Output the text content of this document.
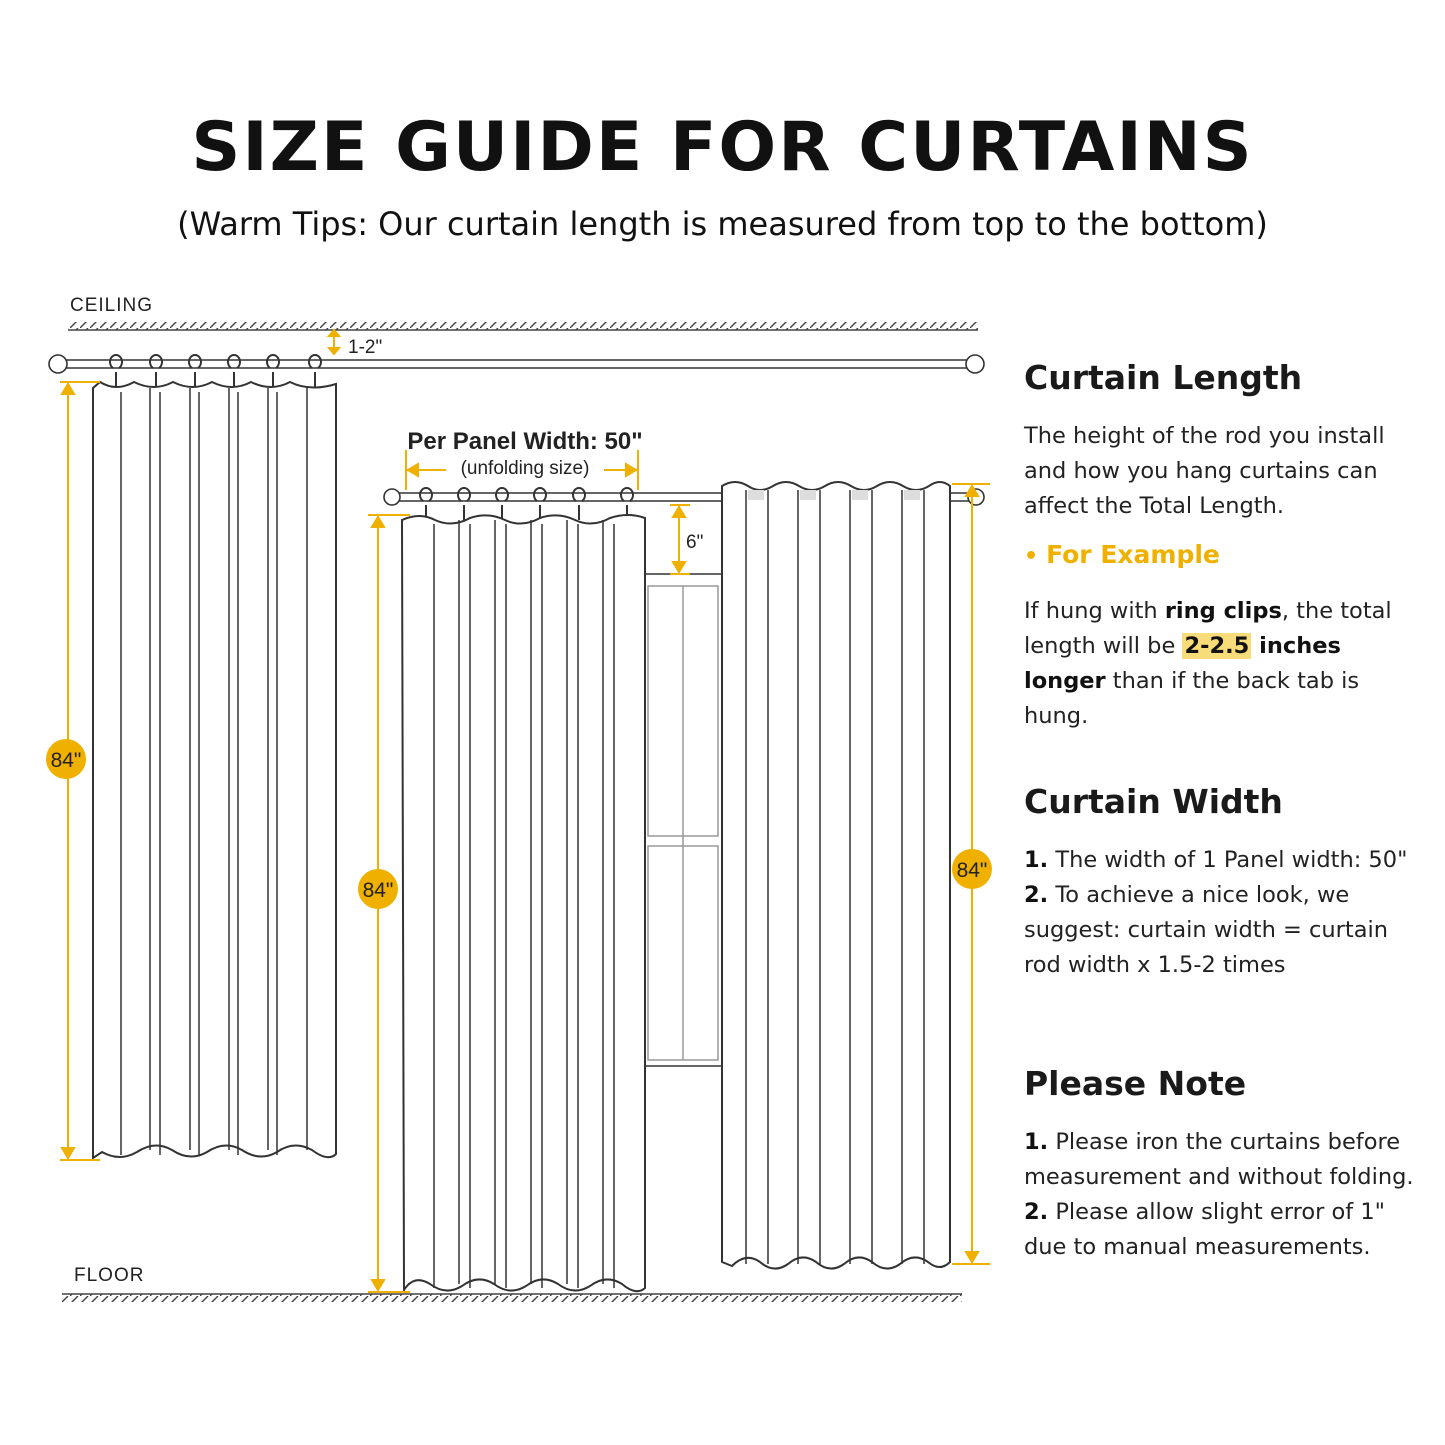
SIZE GUIDE FOR CURTAINS
(Warm Tips: Our curtain length is measured from top to the bottom)
CEILING
FLOOR
1-2"
84"
Per Panel Width: 50"
(unfolding size)
84"
6"
84"

Curtain Length

The height of the rod you install and how you hang curtains can affect the Total Length.

• For Example

If hung with ring clips, the total length will be 2-2.5 inches longer than if the back tab is hung.

Curtain Width

1. The width of 1 Panel width: 50"

2. To achieve a nice look, we suggest: curtain width = curtain rod width x 1.5-2 times

Please Note

1. Please iron the curtains before measurement and without folding.

2. Please allow slight error of 1" due to manual measurements.
